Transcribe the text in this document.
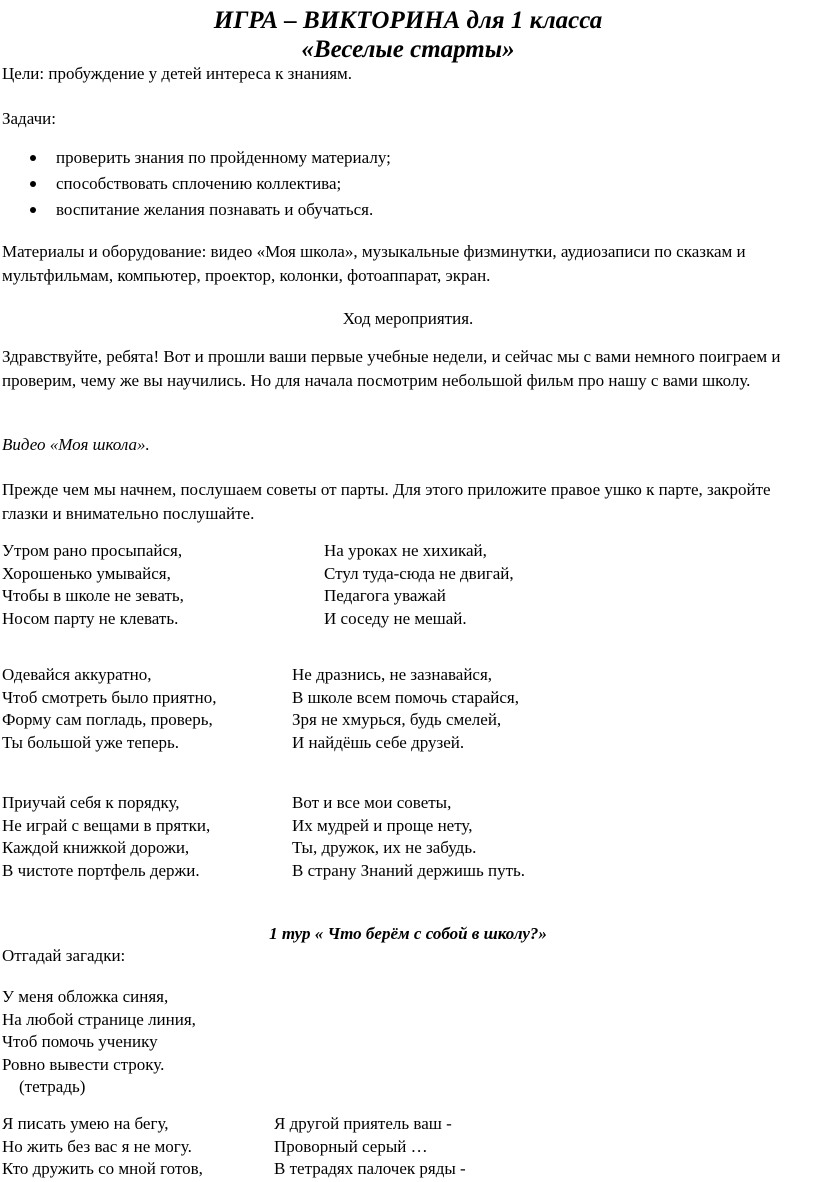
ИГРА – ВИКТОРИНА для 1 класса
«Веселые старты»

Цели: пробуждение у детей интереса к знаниям.

Задачи:

проверить знания по пройденному материалу;
способствовать сплочению коллектива;
воспитание желания познавать и обучаться.

Материалы и оборудование: видео «Моя школа», музыкальные физминутки, аудиозаписи по сказкам и мультфильмам, компьютер, проектор, колонки, фотоаппарат, экран.

Ход мероприятия.

Здравствуйте, ребята! Вот и прошли ваши первые учебные недели, и сейчас мы с вами немного поиграем и проверим, чему же вы научились. Но для начала посмотрим небольшой фильм про нашу с вами школу.

Видео «Моя школа».

Прежде чем мы начнем, послушаем советы от парты. Для этого приложите правое ушко к парте, закройте глазки и внимательно послушайте.

Утром рано просыпайся,
Хорошенько умывайся,
Чтобы в школе не зевать,
Носом парту не клевать.
На уроках не хихикай,
Стул туда-сюда не двигай,
Педагога уважай
И соседу не мешай.
Одевайся аккуратно,
Чтоб смотреть было приятно,
Форму сам погладь, проверь,
Ты большой уже теперь.
Не дразнись, не зазнавайся,
В школе всем помочь старайся,
Зря не хмурься, будь смелей,
И найдёшь себе друзей.
Приучай себя к порядку,
Не играй с вещами в прятки,
Каждой книжкой дорожи,
В чистоте портфель держи.
Вот и все мои советы,
Их мудрей и проще нету,
Ты, дружок, их не забудь.
В страну Знаний держишь путь.

1 тур « Что берём с собой в школу?»

Отгадай загадки:

У меня обложка синяя,
На любой странице линия,
Чтоб помочь ученику
Ровно вывести строку.
(тетрадь)
Я писать умею на бегу,
Но жить без вас я не могу.
Кто дружить со мной готов,
Я другой приятель ваш -
Проворный серый …
В тетрадях палочек ряды -
